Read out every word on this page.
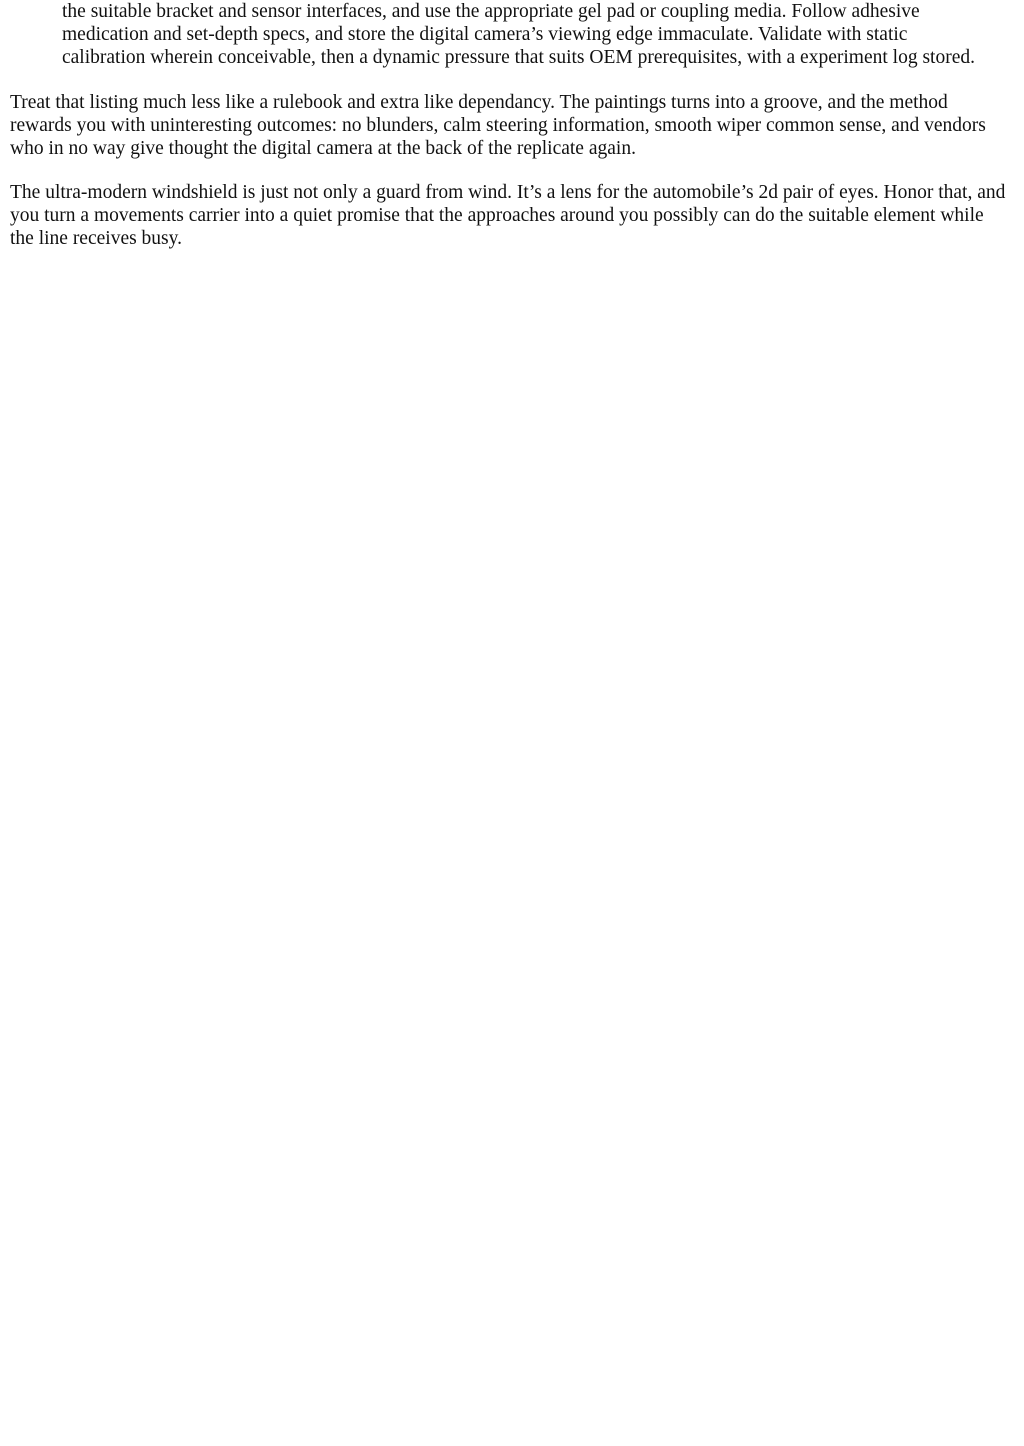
the suitable bracket and sensor interfaces, and use the appropriate gel pad or coupling media. Follow adhesive medication and set-depth specs, and store the digital camera’s viewing edge immaculate. Validate with static calibration wherein conceivable, then a dynamic pressure that suits OEM prerequisites, with a experiment log stored.

Treat that listing much less like a rulebook and extra like dependancy. The paintings turns into a groove, and the method rewards you with uninteresting outcomes: no blunders, calm steering information, smooth wiper common sense, and vendors who in no way give thought the digital camera at the back of the replicate again.

The ultra-modern windshield is just not only a guard from wind. It’s a lens for the automobile’s 2d pair of eyes. Honor that, and you turn a movements carrier into a quiet promise that the approaches around you possibly can do the suitable element while the line receives busy.
